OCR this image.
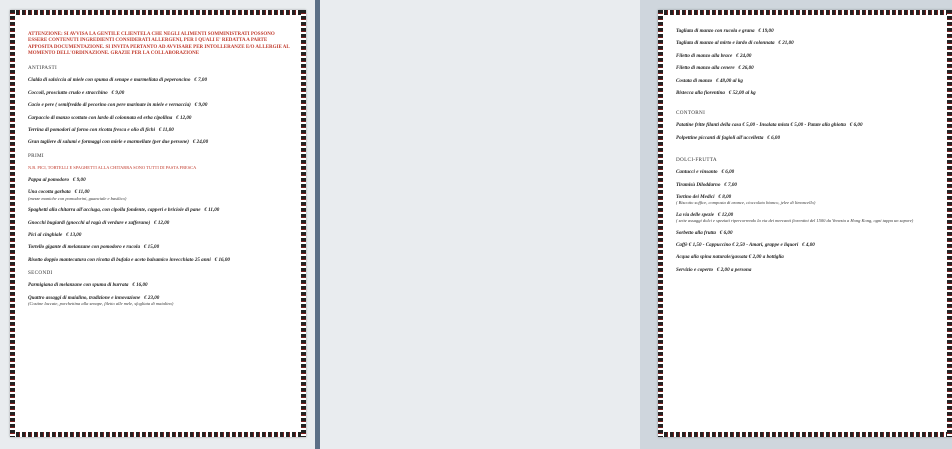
ATTENZIONE: SI AVVISA LA GENTILE CLIENTELA CHE NEGLI ALIMENTI SOMMINISTRATI POSSONO ESSERE CONTENUTI INGREDIENTI CONSIDERATI ALLERGENI, PER I QUALI E' REDATTA A PARTE APPOSITA DOCUMENTAZIONE. SI INVITA PERTANTO AD AVVISARE PER INTOLLERANZE E/O ALLERGIE AL MOMENTO DELL'ORDINAZIONE. GRAZIE PER LA COLLABORAZIONE
ANTIPASTI
Cialda di salsiccia al miele con spuma di senape e marmellata di peperoncino € 7,00
Coccoli, prosciutto crudo e stracchino € 9,00
Cacio e pere ( semifreddo di pecorino con pere marinate in miele e vernaccia) € 9,00
Carpaccio di manzo scottato con lardo di colonnata ed erba cipollina € 12,00
Terrina di pomodori al forno con ricotta fresca e olio di fichi € 11,00
Gran tagliere di salumi e formaggi con miele e marmellate (per due persone) € 24,00
PRIMI
N.B. PICI, TORTELLI E SPAGHETTI ALLA CHITARRA SONO TUTTI DI PASTA FRESCA
Pappa al pomodoro € 9,00
Una cocotta garbata € 11,00
(mezze maniche con pomodorini, guanciale e basilico)
Spaghetti alla chitarra all'acciuga, con cipolla fondente, capperi e briciole di pane € 11,00
Gnocchi bugiardi (gnocchi al ragù di verdure e zafferano) € 12,00
Pici al cinghiale € 13,00
Tortello gigante di melanzane con pomodoro e rucola € 15,00
Risotto doppio mantecatura con ricotta di bufala e aceto balsamico invecchiato 25 anni € 16,00
SECONDI
Parmigiana di melanzane con spuma di burrata € 16,00
Quattro assaggi di maialino, tradizione e innovazione € 23,00
(Costine laccate, porchettina alla senape, filetto alle mele, sfogliata di maialino)
Tagliata di manzo con rucola e grana € 19,00
Tagliata di manzo al mirto e lardo di colonnata € 21,00
Filetto di manzo alla brace € 24,00
Filetto di manzo alla cenere € 26,00
Costata di manzo € 48,00 al kg
Bistecca alla fiorentina € 52,00 al kg
CONTORNI
Patatine fritte filanti della casa € 5,00 - Insalata mista € 5,00 - Patate alla ghiotta € 6,00
Polpettine piccanti di fagioli all'uccelletta € 6,00
DOLCI-FRUTTA
Cantucci e vinsanto € 6,00
Tiramisù Diloddarno € 7,00
Tortino dei Medici € 8,00
( Biscotto soffice, composta di arance, cioccolato bianco, jelee di limoncello)
La via delle spezie € 12,00
( sette assaggi dolci e speziati ripercorrendo la via dei mercanti fiorentini del 1500 da Venezia a Hong Kong, ogni tappa un sapore)
Sorbetto alla frutta € 6,00
Caffè € 1,50 - Cappuccino € 2,50 - Amari, grappe e liquori € 4,00
Acqua alla spina naturale/gassata € 2,00 a bottiglia
Servizio e coperto € 2,00 a persona
